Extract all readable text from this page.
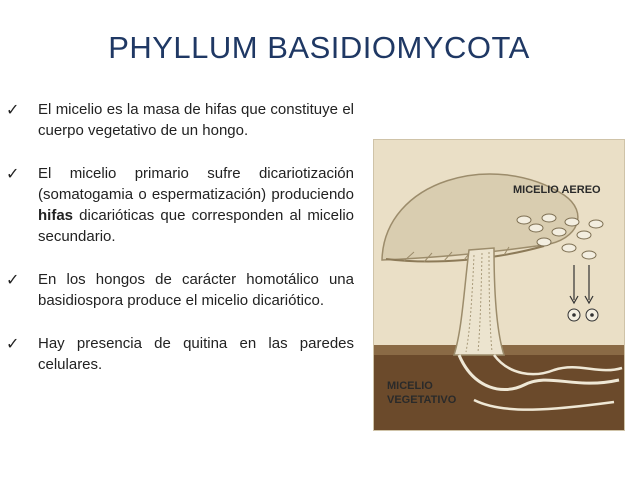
PHYLLUM BASIDIOMYCOTA
✓ El micelio es la masa de hifas que constituye el cuerpo vegetativo de un hongo.
✓ El micelio primario sufre dicariotización (somatogamia o espermatización) produciendo hifas dicarióticas que corresponden al micelio secundario.
✓ En los hongos de carácter homotálico una basidiospora produce el micelio dicariótico.
✓ Hay presencia de quitina en las paredes celulares.
MICELIO AEREO
MICELIO
VEGETATIVO
